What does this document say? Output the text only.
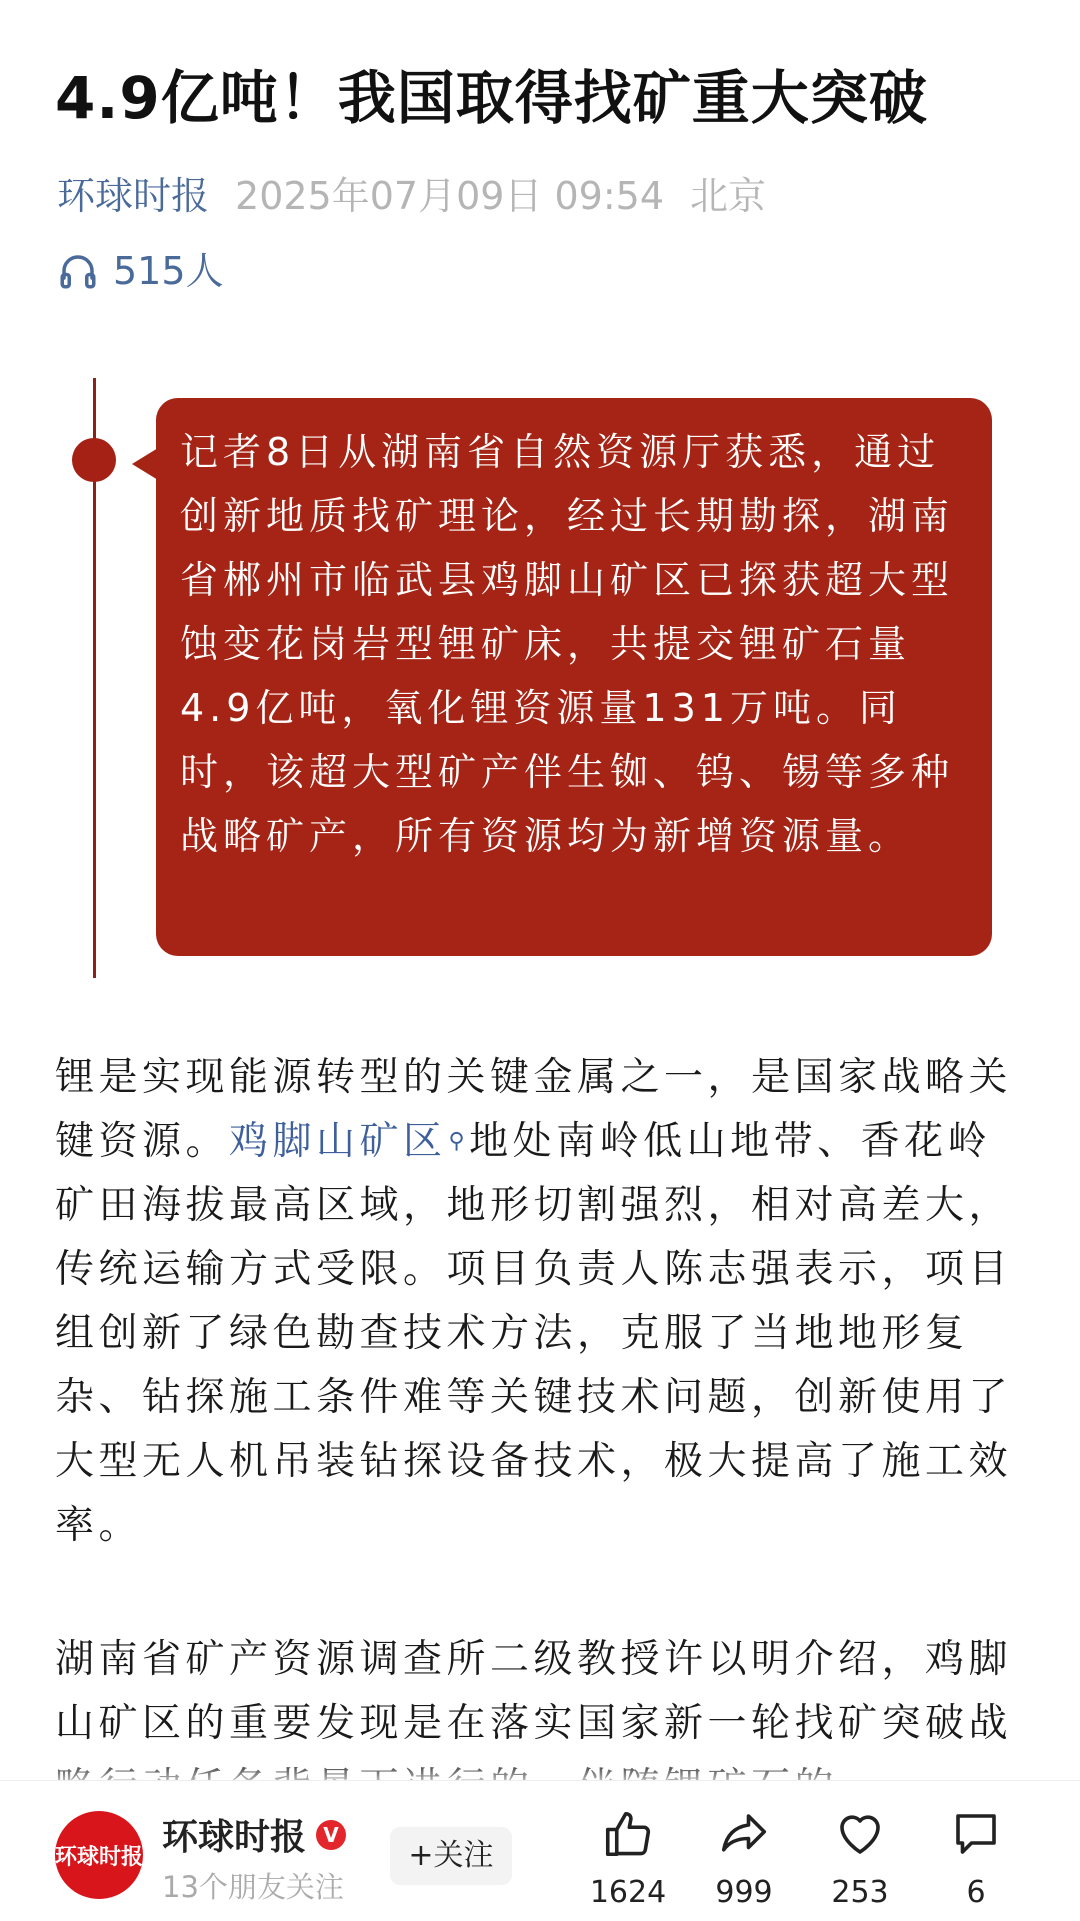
4.9亿吨！我国取得找矿重大突破
环球时报 2025年07月09日 09:54 北京
515人
记者8日从湖南省自然资源厅获悉，通过创新地质找矿理论，经过长期勘探，湖南省郴州市临武县鸡脚山矿区已探获超大型蚀变花岗岩型锂矿床，共提交锂矿石量4.9亿吨，氧化锂资源量131万吨。同时，该超大型矿产伴生铷、钨、锡等多种战略矿产，所有资源均为新增资源量。
锂是实现能源转型的关键金属之一，是国家战略关键资源。鸡脚山矿区⚲地处南岭低山地带、香花岭矿田海拔最高区域，地形切割强烈，相对高差大，传统运输方式受限。项目负责人陈志强表示，项目组创新了绿色勘查技术方法，克服了当地地形复杂、钻探施工条件难等关键技术问题，创新使用了大型无人机吊装钻探设备技术，极大提高了施工效率。
湖南省矿产资源调查所二级教授许以明介绍，鸡脚山矿区的重要发现是在落实国家新一轮找矿突破战
环球时报 环球时报 V
13个朋友关注
+关注
1624	999	253	6
